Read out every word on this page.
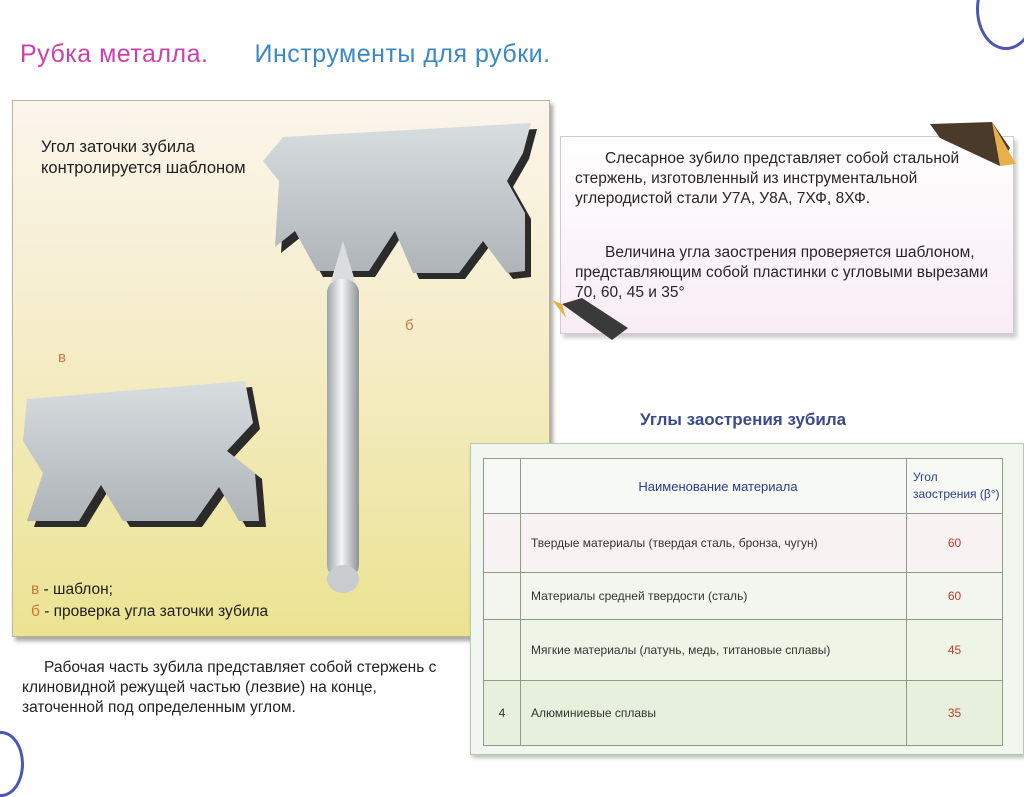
Рубка металла. Инструменты для рубки.
Угол заточки зубила контролируется шаблоном
в
б
в - шаблон;
б - проверка угла заточки зубила
Рабочая часть зубила представляет собой стержень с клиновидной режущей частью (лезвие) на конце, заточенной под определенным углом.

Слесарное зубило представляет собой стальной стержень, изготовленный из инструментальной углеродистой стали У7А, У8А, 7ХФ, 8ХФ.

Величина угла заострения проверяется шаблоном, представляющим собой пластинки с угловыми вырезами 70, 60, 45 и 35°

Углы заострения зубила
	Наименование материала	Угол заострения (β°)
	Твердые материалы (твердая сталь, бронза, чугун)	60
	Материалы средней твердости (сталь)	60
	Мягкие материалы (латунь, медь, титановые сплавы)	45
4	Алюминиевые сплавы	35
